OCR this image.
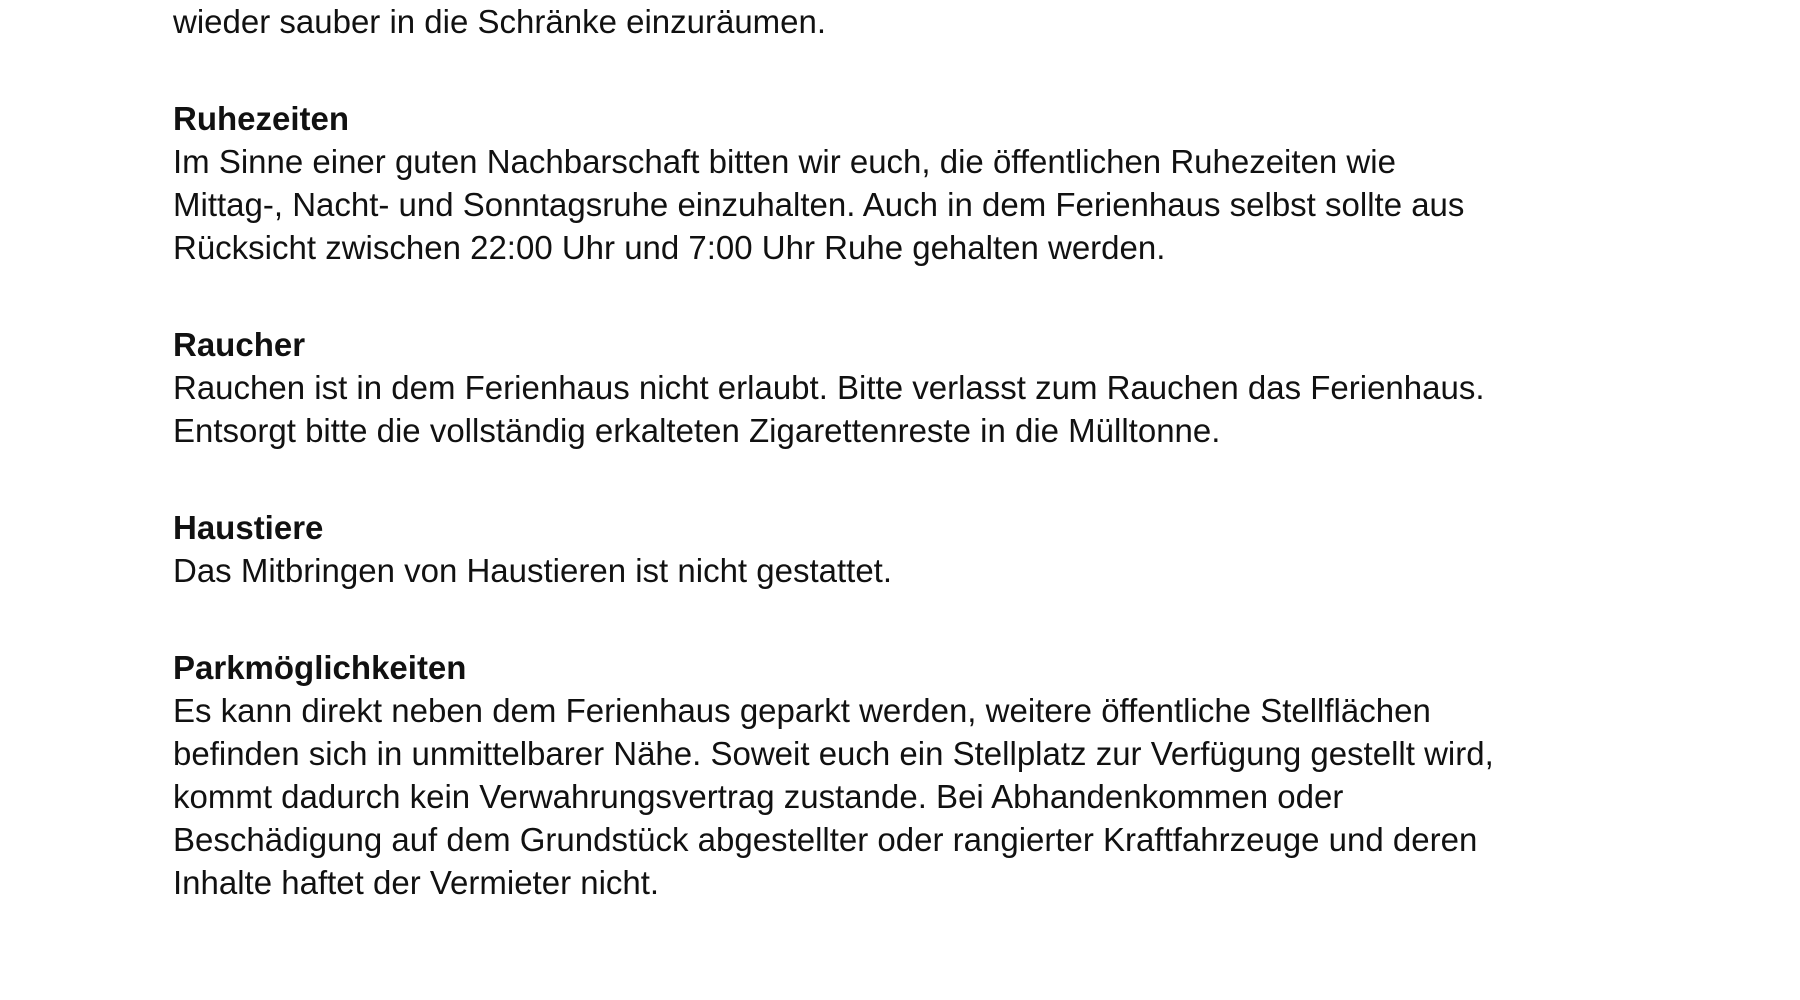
wieder sauber in die Schränke einzuräumen.

Ruhezeiten

Im Sinne einer guten Nachbarschaft bitten wir euch, die öffentlichen Ruhezeiten wie
Mittag-, Nacht- und Sonntagsruhe einzuhalten. Auch in dem Ferienhaus selbst sollte aus
Rücksicht zwischen 22:00 Uhr und 7:00 Uhr Ruhe gehalten werden.

Raucher

Rauchen ist in dem Ferienhaus nicht erlaubt. Bitte verlasst zum Rauchen das Ferienhaus.
Entsorgt bitte die vollständig erkalteten Zigarettenreste in die Mülltonne.

Haustiere

Das Mitbringen von Haustieren ist nicht gestattet.

Parkmöglichkeiten

Es kann direkt neben dem Ferienhaus geparkt werden, weitere öffentliche Stellflächen
befinden sich in unmittelbarer Nähe. Soweit euch ein Stellplatz zur Verfügung gestellt wird,
kommt dadurch kein Verwahrungsvertrag zustande. Bei Abhandenkommen oder
Beschädigung auf dem Grundstück abgestellter oder rangierter Kraftfahrzeuge und deren
Inhalte haftet der Vermieter nicht.
